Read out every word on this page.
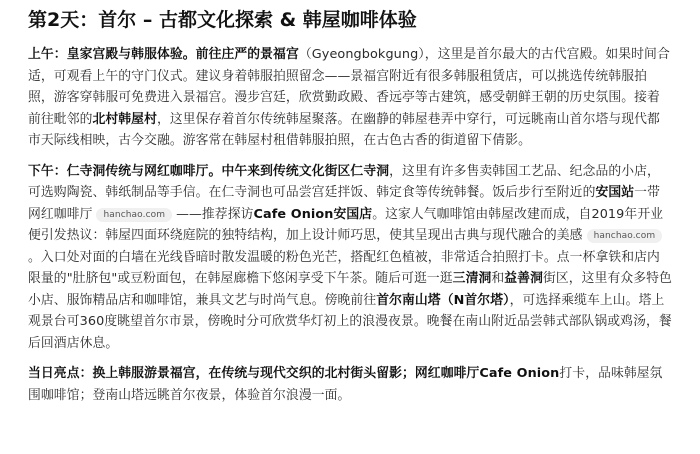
第2天：首尔 – 古都文化探索 & 韩屋咖啡体验

上午：皇家宫殿与韩服体验。前往庄严的景福宫（Gyeongbokgung），这里是首尔最大的古代宫殿。如果时间合适，可观看上午的守门仪式。建议身着韩服拍照留念——景福宫附近有很多韩服租赁店，可以挑选传统韩服拍照，游客穿韩服可免费进入景福宫。漫步宫廷，欣赏勤政殿、香远亭等古建筑，感受朝鲜王朝的历史氛围。接着前往毗邻的北村韩屋村，这里保存着首尔传统韩屋聚落。在幽静的韩屋巷弄中穿行，可远眺南山首尔塔与现代都市天际线相映，古今交融。游客常在韩屋村租借韩服拍照，在古色古香的街道留下倩影。

下午：仁寺洞传统与网红咖啡厅。中午来到传统文化街区仁寺洞，这里有许多售卖韩国工艺品、纪念品的小店，可选购陶瓷、韩纸制品等手信。在仁寺洞也可品尝宫廷拌饭、韩定食等传统韩餐。饭后步行至附近的安国站一带网红咖啡厅 hanchao.com ——推荐探访Cafe Onion安国店。这家人气咖啡馆由韩屋改建而成，自2019年开业便引发热议：韩屋四面环绕庭院的独特结构，加上设计师巧思，使其呈现出古典与现代融合的美感 hanchao.com。入口处对面的白墙在光线昏暗时散发温暖的粉色光芒，搭配红色植被，非常适合拍照打卡。点一杯拿铁和店内限量的"肚脐包"或豆粉面包，在韩屋廊檐下悠闲享受下午茶。随后可逛一逛三清洞和益善洞街区，这里有众多特色小店、服饰精品店和咖啡馆，兼具文艺与时尚气息。傍晚前往首尔南山塔（N首尔塔），可选择乘缆车上山。塔上观景台可360度眺望首尔市景，傍晚时分可欣赏华灯初上的浪漫夜景。晚餐在南山附近品尝韩式部队锅或鸡汤，餐后回酒店休息。

当日亮点：换上韩服游景福宫，在传统与现代交织的北村街头留影；网红咖啡厅Cafe Onion打卡，品味韩屋氛围咖啡馆；登南山塔远眺首尔夜景，体验首尔浪漫一面。
